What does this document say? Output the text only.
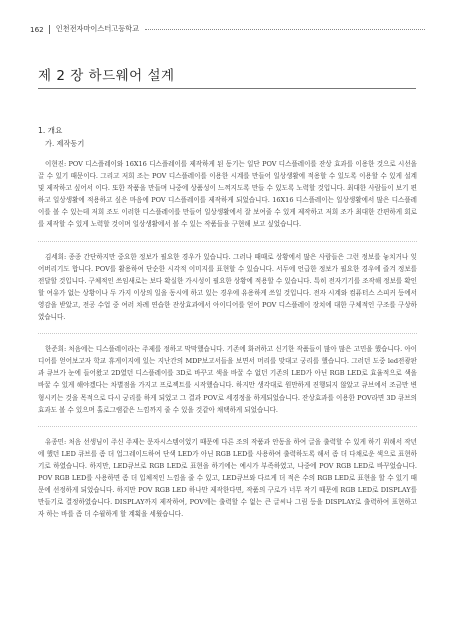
162 인천전자마이스터고등학교
제 2 장 하드웨어 설계
1. 개요
가. 제작동기

이현진: POV 디스플레이와 16X16 디스플레이를 제작하게 된 동기는 일단 POV 디스플레이를 잔상 효과를 이용한 것으로 시선을 끌 수 있기 때문이다. 그리고 저희 조는 POV 디스플레이를 이용한 시계를 만들어 일상생활에 적용할 수 있도록 이용할 수 있게 설계 및 제작하고 싶어서 이다. 또한 작품을 만들며 나중에 상품성이 느껴지도록 만들 수 있도록 노력할 것입니다. 최대한 사람들이 보기 편하고 일상생활에 적용하고 싶은 마음에 POV 디스플레이를 제작하게 되었습니다. 16X16 디스플레이는 일상생활에서 많은 디스플레이를 볼 수 있는데 저희 조도 이러한 디스플레이를 만들어 일상생활에서 잘 보여줄 수 있게 제작하고 저희 조가 최대한 간편하게 회로를 제작할 수 있게 노력할 것이며 일상생활에서 볼 수 있는 작품들을 구현해 보고 싶었습니다.

김세희: 종종 간단하지만 중요한 정보가 필요한 경우가 있습니다. 그러나 때때로 상황에서 많은 사람들은 그런 정보를 놓치거나 잊어버리기도 합니다. POV를 활용하여 단순한 시각적 이미지를 표현할 수 있습니다. 서두에 언급한 정보가 필요한 경우에 즐겨 정보를 전달할 것입니다. 구체적인 쓰임새로는 보다 확실한 가시성이 필요한 상황에 적용할 수 있습니다. 특히 전자기기를 조작해 정보를 확인할 여유가 없는 상황이나 두 가지 이상의 일을 동시에 하고 있는 경우에 유용하게 쓰일 것입니다. 전자 시계와 컴퓨터스 스피커 등에서 영감을 받았고, 전공 수업 중 여러 차례 연습한 잔상효과에서 아이디어를 얻어 POV 디스플레이 장치에 대한 구체적인 구조를 구상하였습니다.

한준희: 처음에는 디스플레이라는 주제를 정하고 막막했습니다. 기존에 화려하고 신기한 작품들이 많아 많은 고민을 했습니다. 아이디어를 얻어보고자 학교 휴게이지에 있는 지난간의 MDP보고서들을 보면서 머리를 맞대고 궁리를 했습니다. 그러던 도중 led전광판과 큐브가 눈에 들어왔고 2D였던 디스플레이를 3D로 바꾸고 색을 바꿀 수 없던 기존의 LED가 아닌 RGB LED로 효율적으로 색을 바꿀 수 있게 해야겠다는 차별점을 가지고 프로젝트를 시작했습니다. 하지만 생각대로 원만하게 진행되지 않았고 큐브에서 조금만 변형시키는 것을 목적으로 다시 궁리를 하게 되었고 그 결과 POV로 세경정을 하게되었습니다. 잔상효과를 이용한 POV라면 3D 큐브의 효과도 볼 수 있으며 홀로그램같은 느낌까지 줄 수 있을 것같아 채택하게 되었습니다.

유종민: 처음 선생님이 주신 주제는 문자시스템이었기 때문에 다른 조의 작품과 안동을 하여 글을 출력할 수 있게 하기 위해서 작년에 했던 LED 큐브를 좀 더 업그레이드하여 단색 LED가 아닌 RGB LED를 사용하여 출력하도록 해서 좀 더 다채로운 색으로 표현하기로 하였습니다. 하지만, LED큐브로 RGB LED로 표현을 하기에는 예시가 부족하였고, 나중에 POV RGB LED로 바꾸었습니다. POV RGB LED를 사용하면 좀 더 입체적인 느낌을 줄 수 있고, LED큐브와 다르게 더 적은 수의 RGB LED로 표현을 할 수 있기 때문에 선정하게 되었습니다. 하지만 POV RGB LED 하나만 제작한다면, 작품의 구로가 너무 작기 때문에 RGB LED로 DISPLAY를 만들기로 결정하였습니다. DISPLAY까지 제작하여, POV에는 출력할 수 없는 큰 글씨나 그림 등을 DISPLAY로 출력하여 표현하고자 하는 바를 좀 더 수월하게 할 계획을 세웠습니다.
